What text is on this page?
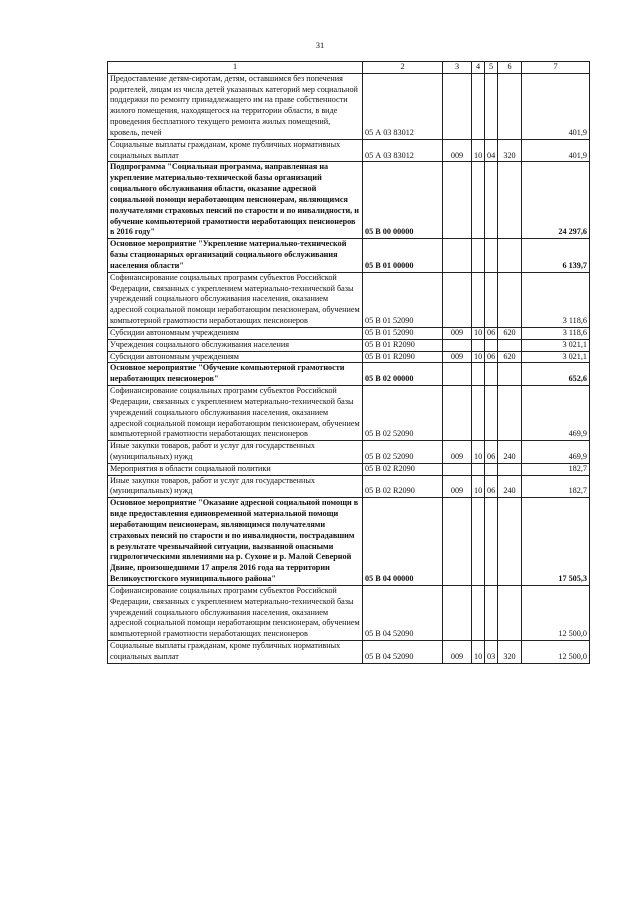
31
1	2	3	4	5	6	7
Предоставление детям-сиротам, детям, оставшимся без попечения родителей, лицам из числа детей указанных категорий мер социальной поддержки по ремонту принадлежащего им на праве собственности жилого помещения, находящегося на территории области, в виде проведения бесплатного текущего ремонта жилых помещений, кровель, печей	05 А 03 83012					401,9
Социальные выплаты гражданам, кроме публичных нормативных социальных выплат	05 А 03 83012	009	10	04	320	401,9
Подпрограмма "Социальная программа, направленная на укрепление материально-технической базы организаций социального обслуживания области, оказание адресной социальной помощи неработающим пенсионерам, являющимся получателями страховых пенсий по старости и по инвалидности, и обучение компьютерной грамотности неработающих пенсионеров в 2016 году"	05 В 00 00000					24 297,6
Основное мероприятие "Укрепление материально-технической базы стационарных организаций социального обслуживания населения области"	05 В 01 00000					6 139,7
Софинансирование социальных программ субъектов Российской Федерации, связанных с укреплением материально-технической базы учреждений социального обслуживания населения, оказанием адресной социальной помощи неработающим пенсионерам, обучением компьютерной грамотности неработающих пенсионеров	05 В 01 52090					3 118,6
Субсидии автономным учреждениям	05 В 01 52090	009	10	06	620	3 118,6
Учреждения социального обслуживания населения	05 В 01 R2090					3 021,1
Субсидии автономным учреждениям	05 В 01 R2090	009	10	06	620	3 021,1
Основное мероприятие "Обучение компьютерной грамотности неработающих пенсионеров"	05 В 02 00000					652,6
Софинансирование социальных программ субъектов Российской Федерации, связанных с укреплением материально-технической базы учреждений социального обслуживания населения, оказанием адресной социальной помощи неработающим пенсионерам, обучением компьютерной грамотности неработающих пенсионеров	05 В 02 52090					469,9
Иные закупки товаров, работ и услуг для государственных (муниципальных) нужд	05 В 02 52090	009	10	06	240	469,9
Мероприятия в области социальной политики	05 В 02 R2090					182,7
Иные закупки товаров, работ и услуг для государственных (муниципальных) нужд	05 В 02 R2090	009	10	06	240	182,7
Основное мероприятие "Оказание адресной социальной помощи в виде предоставления единовременной материальной помощи неработающим пенсионерам, являющимся получателями страховых пенсий по старости и по инвалидности, пострадавшим в результате чрезвычайной ситуации, вызванной опасными гидрологическими явлениями на р. Сухоне и р. Малой Северной Двине, произошедшими 17 апреля 2016 года на территории Великоустюгского муниципального района"	05 В 04 00000					17 505,3
Софинансирование социальных программ субъектов Российской Федерации, связанных с укреплением материально-технической базы учреждений социального обслуживания населения, оказанием адресной социальной помощи неработающим пенсионерам, обучением компьютерной грамотности неработающих пенсионеров	05 В 04 52090					12 500,0
Социальные выплаты гражданам, кроме публичных нормативных социальных выплат	05 В 04 52090	009	10	03	320	12 500,0
